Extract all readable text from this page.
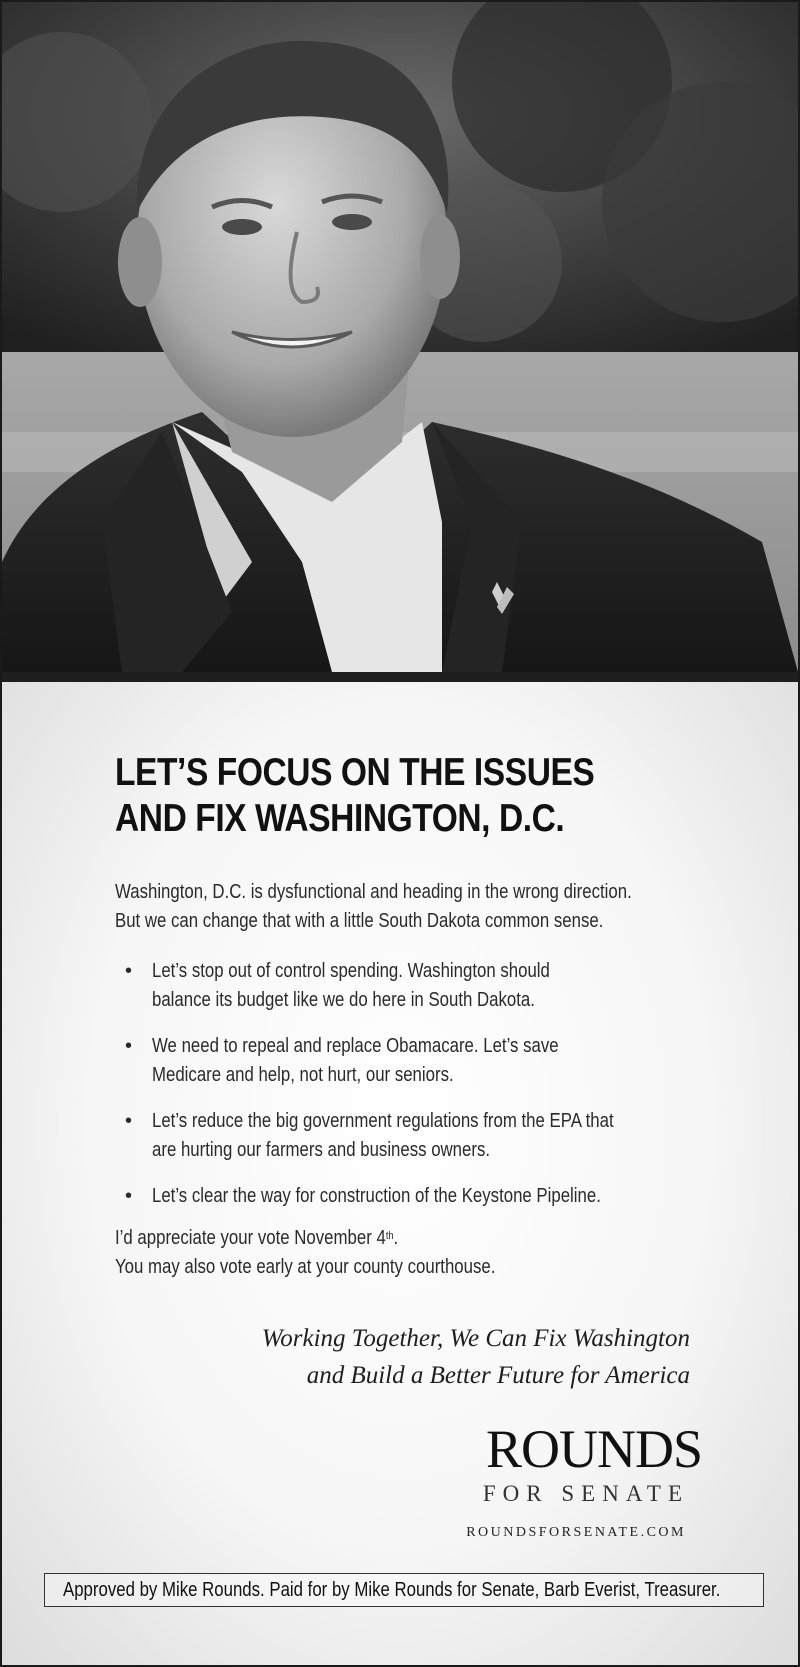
LET’S FOCUS ON THE ISSUES
AND FIX WASHINGTON, D.C.
Washington, D.C. is dysfunctional and heading in the wrong direction.
But we can change that with a little South Dakota common sense.
• Let’s stop out of control spending. Washington should
balance its budget like we do here in South Dakota.
• We need to repeal and replace Obamacare. Let’s save
Medicare and help, not hurt, our seniors.
• Let’s reduce the big government regulations from the EPA that
are hurting our farmers and business owners.
• Let’s clear the way for construction of the Keystone Pipeline.
I’d appreciate your vote November 4th.
You may also vote early at your county courthouse.
Working Together, We Can Fix Washington
and Build a Better Future for America
ROUNDS
FOR SENATE
ROUNDSFORSENATE.COM
Approved by Mike Rounds. Paid for by Mike Rounds for Senate, Barb Everist, Treasurer.
